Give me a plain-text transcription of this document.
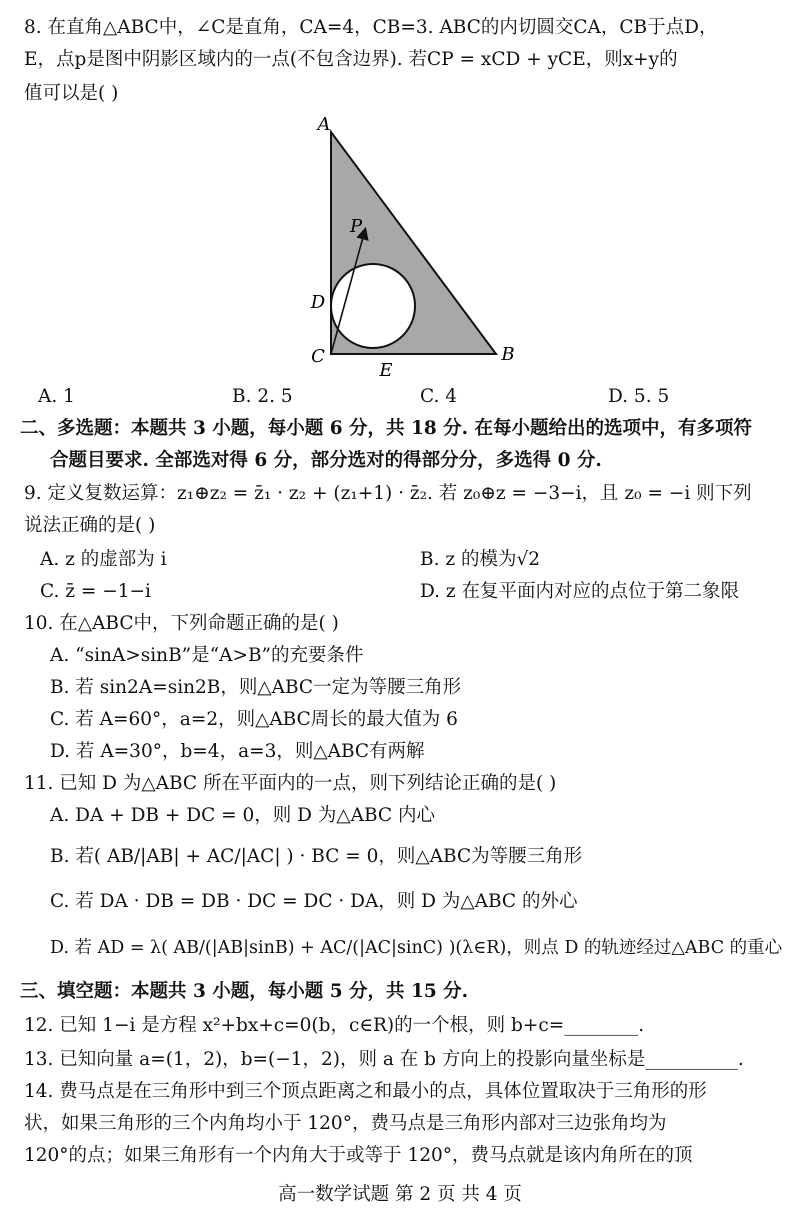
8. 在直角△ABC中，∠C是直角，CA=4，CB=3. ABC的内切圆交CA，CB于点D，
E，点p是图中阴影区域内的一点(不包含边界). 若CP = xCD + yCE，则x+y的
值可以是( )
A
P
D
C
E
B
A. 1	B. 2. 5	C. 4	D. 5. 5
二、多选题：本题共 3 小题，每小题 6 分，共 18 分. 在每小题给出的选项中，有多项符
合题目要求. 全部选对得 6 分，部分选对的得部分分，多选得 0 分.
9. 定义复数运算：z₁⊕z₂ = z̄₁ · z₂ + (z₁+1) · z̄₂. 若 z₀⊕z = −3−i，且 z₀ = −i 则下列
说法正确的是( )
A. z 的虚部为 i	B. z 的模为√2
C. z̄ = −1−i	D. z 在复平面内对应的点位于第二象限
10. 在△ABC中，下列命题正确的是( )
A. “sinA>sinB”是“A>B”的充要条件
B. 若 sin2A=sin2B，则△ABC一定为等腰三角形
C. 若 A=60°，a=2，则△ABC周长的最大值为 6
D. 若 A=30°，b=4，a=3，则△ABC有两解
11. 已知 D 为△ABC 所在平面内的一点，则下列结论正确的是( )
A. DA + DB + DC = 0，则 D 为△ABC 内心
B. 若( AB/|AB| + AC/|AC| ) · BC = 0，则△ABC为等腰三角形
C. 若 DA · DB = DB · DC = DC · DA，则 D 为△ABC 的外心
D. 若 AD = λ( AB/(|AB|sinB) + AC/(|AC|sinC) )(λ∈R)，则点 D 的轨迹经过△ABC 的重心
三、填空题：本题共 3 小题，每小题 5 分，共 15 分.
12. 已知 1−i 是方程 x²+bx+c=0(b，c∈R)的一个根，则 b+c=________.
13. 已知向量 a=(1，2)，b=(−1，2)，则 a 在 b 方向上的投影向量坐标是__________.
14. 费马点是在三角形中到三个顶点距离之和最小的点，具体位置取决于三角形的形
状，如果三角形的三个内角均小于 120°，费马点是三角形内部对三边张角均为
120°的点；如果三角形有一个内角大于或等于 120°，费马点就是该内角所在的顶
高一数学试题 第 2 页 共 4 页
